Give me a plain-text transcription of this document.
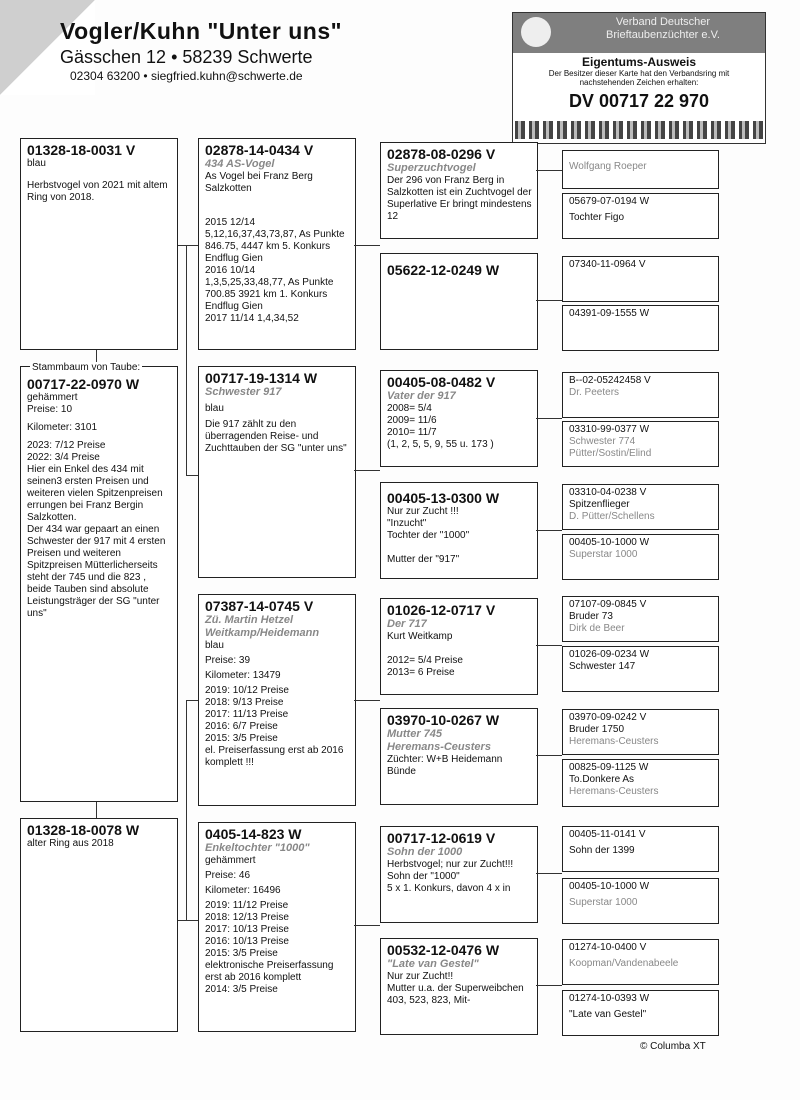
Vogler/Kuhn "Unter uns"
Gässchen 12 • 58239 Schwerte
02304 63200 • siegfried.kuhn@schwerte.de
Verband Deutscher Brieftaubenzüchter e.V.
Eigentums-Ausweis
Der Besitzer dieser Karte hat den Verbandsring mit nachstehenden Zeichen erhalten:
DV 00717 22 970
01328-18-0031 V
blau
Herbstvogel von 2021 mit altem Ring von 2018.
00717-22-0970 W
gehämmert
Preise: 10
Kilometer: 3101
2023: 7/12 Preise
2022: 3/4 Preise
Hier ein Enkel des 434 mit seinen3 ersten Preisen und weiteren vielen Spitzenpreisen errungen bei Franz Bergin Salzkotten.
Der 434 war gepaart an einen Schwester der 917 mit 4 ersten Preisen und weiteren Spitzpreisen Mütterlicherseits steht der 745 und die 823 , beide Tauben sind absolute Leistungsträger der SG "unter uns"
Stammbaum von Taube:
01328-18-0078 W
alter Ring aus 2018
02878-14-0434 V
434 AS-Vogel
As Vogel bei Franz Berg Salzkotten
2015 12/14
5,12,16,37,43,73,87, As Punkte 846.75, 4447 km 5. Konkurs Endflug Gien
2016 10/14
1,3,5,25,33,48,77, As Punkte 700.85 3921 km 1. Konkurs Endflug Gien
2017 11/14 1,4,34,52
00717-19-1314 W
Schwester 917
blau
Die 917 zählt zu den überragenden Reise- und Zuchttauben der SG "unter uns"
07387-14-0745 V
Zü. Martin Hetzel
Weitkamp/Heidemann
blau
Preise: 39
Kilometer: 13479
2019: 10/12 Preise
2018: 9/13 Preise
2017: 11/13 Preise
2016: 6/7 Preise
2015: 3/5 Preise
el. Preiserfassung erst ab 2016 komplett !!!
0405-14-823 W
Enkeltochter "1000"
gehämmert
Preise: 46
Kilometer: 16496
2019: 11/12 Preise
2018: 12/13 Preise
2017: 10/13 Preise
2016: 10/13 Preise
2015: 3/5 Preise
elektronische Preiserfassung erst ab 2016 komplett
2014: 3/5 Preise
02878-08-0296 V
Superzuchtvogel
Der 296 von Franz Berg in Salzkotten ist ein Zuchtvogel der Superlative Er bringt mindestens 12
05622-12-0249 W
00405-08-0482 V
Vater der 917
2008= 5/4
2009= 11/6
2010= 11/7
(1, 2, 5, 5, 9, 55 u. 173 )
00405-13-0300 W
Nur zur Zucht !!!
"Inzucht"
Tochter der "1000"
Mutter der "917"
01026-12-0717 V
Der 717
Kurt Weitkamp
2012= 5/4 Preise
2013= 6 Preise
03970-10-0267 W
Mutter 745
Heremans-Ceusters
Züchter: W+B Heidemann Bünde
00717-12-0619 V
Sohn der 1000
Herbstvogel; nur zur Zucht!!!
Sohn der "1000"
5 x 1. Konkurs, davon 4 x in
00532-12-0476 W
"Late van Gestel"
Nur zur Zucht!!
Mutter u.a. der Superweibchen 403, 523, 823, Mit-
Wolfgang Roeper
05679-07-0194 W
Tochter Figo
07340-11-0964 V
04391-09-1555 W
B--02-05242458 V
Dr. Peeters
03310-99-0377 W
Schwester 774
Pütter/Sostin/Elind
03310-04-0238 V
Spitzenflieger
D. Pütter/Schellens
00405-10-1000 W
Superstar 1000
07107-09-0845 V
Bruder 73
Dirk de Beer
01026-09-0234 W
Schwester 147
03970-09-0242 V
Bruder 1750
Heremans-Ceusters
00825-09-1125 W
To.Donkere As
Heremans-Ceusters
00405-11-0141 V
Sohn der 1399
00405-10-1000 W
Superstar 1000
01274-10-0400 V
Koopman/Vandenabeele
01274-10-0393 W
"Late van Gestel"
© Columba XT
